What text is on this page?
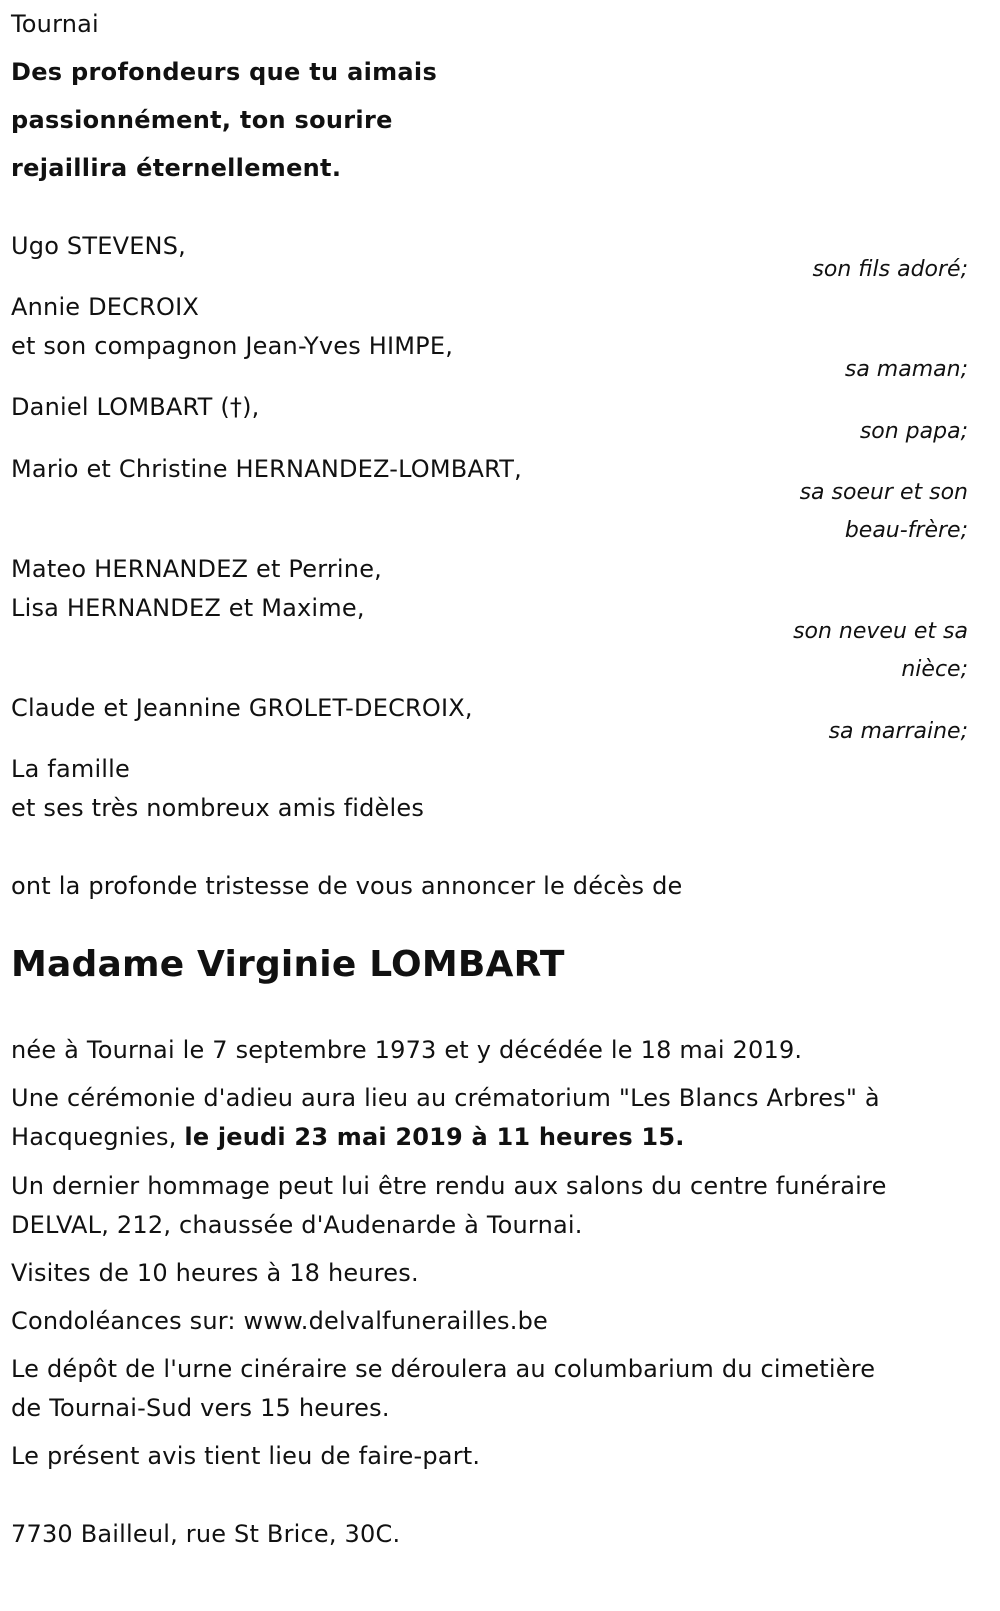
Tournai
Des profondeurs que tu aimais
passionnément, ton sourire
rejaillira éternellement.
Ugo STEVENS,
son fils adoré;
Annie DECROIX
et son compagnon Jean-Yves HIMPE,
sa maman;
Daniel LOMBART (†),
son papa;
Mario et Christine HERNANDEZ-LOMBART,
sa soeur et son
beau-frère;
Mateo HERNANDEZ et Perrine,
Lisa HERNANDEZ et Maxime,
son neveu et sa
nièce;
Claude et Jeannine GROLET-DECROIX,
sa marraine;
La famille
et ses très nombreux amis fidèles
ont la profonde tristesse de vous annoncer le décès de
Madame Virginie LOMBART
née à Tournai le 7 septembre 1973 et y décédée le 18 mai 2019.
Une cérémonie d'adieu aura lieu au crématorium "Les Blancs Arbres" à
Hacquegnies, le jeudi 23 mai 2019 à 11 heures 15.
Un dernier hommage peut lui être rendu aux salons du centre funéraire
DELVAL, 212, chaussée d'Audenarde à Tournai.
Visites de 10 heures à 18 heures.
Condoléances sur: www.delvalfunerailles.be
Le dépôt de l'urne cinéraire se déroulera au columbarium du cimetière
de Tournai-Sud vers 15 heures.
Le présent avis tient lieu de faire-part.
7730 Bailleul, rue St Brice, 30C.
